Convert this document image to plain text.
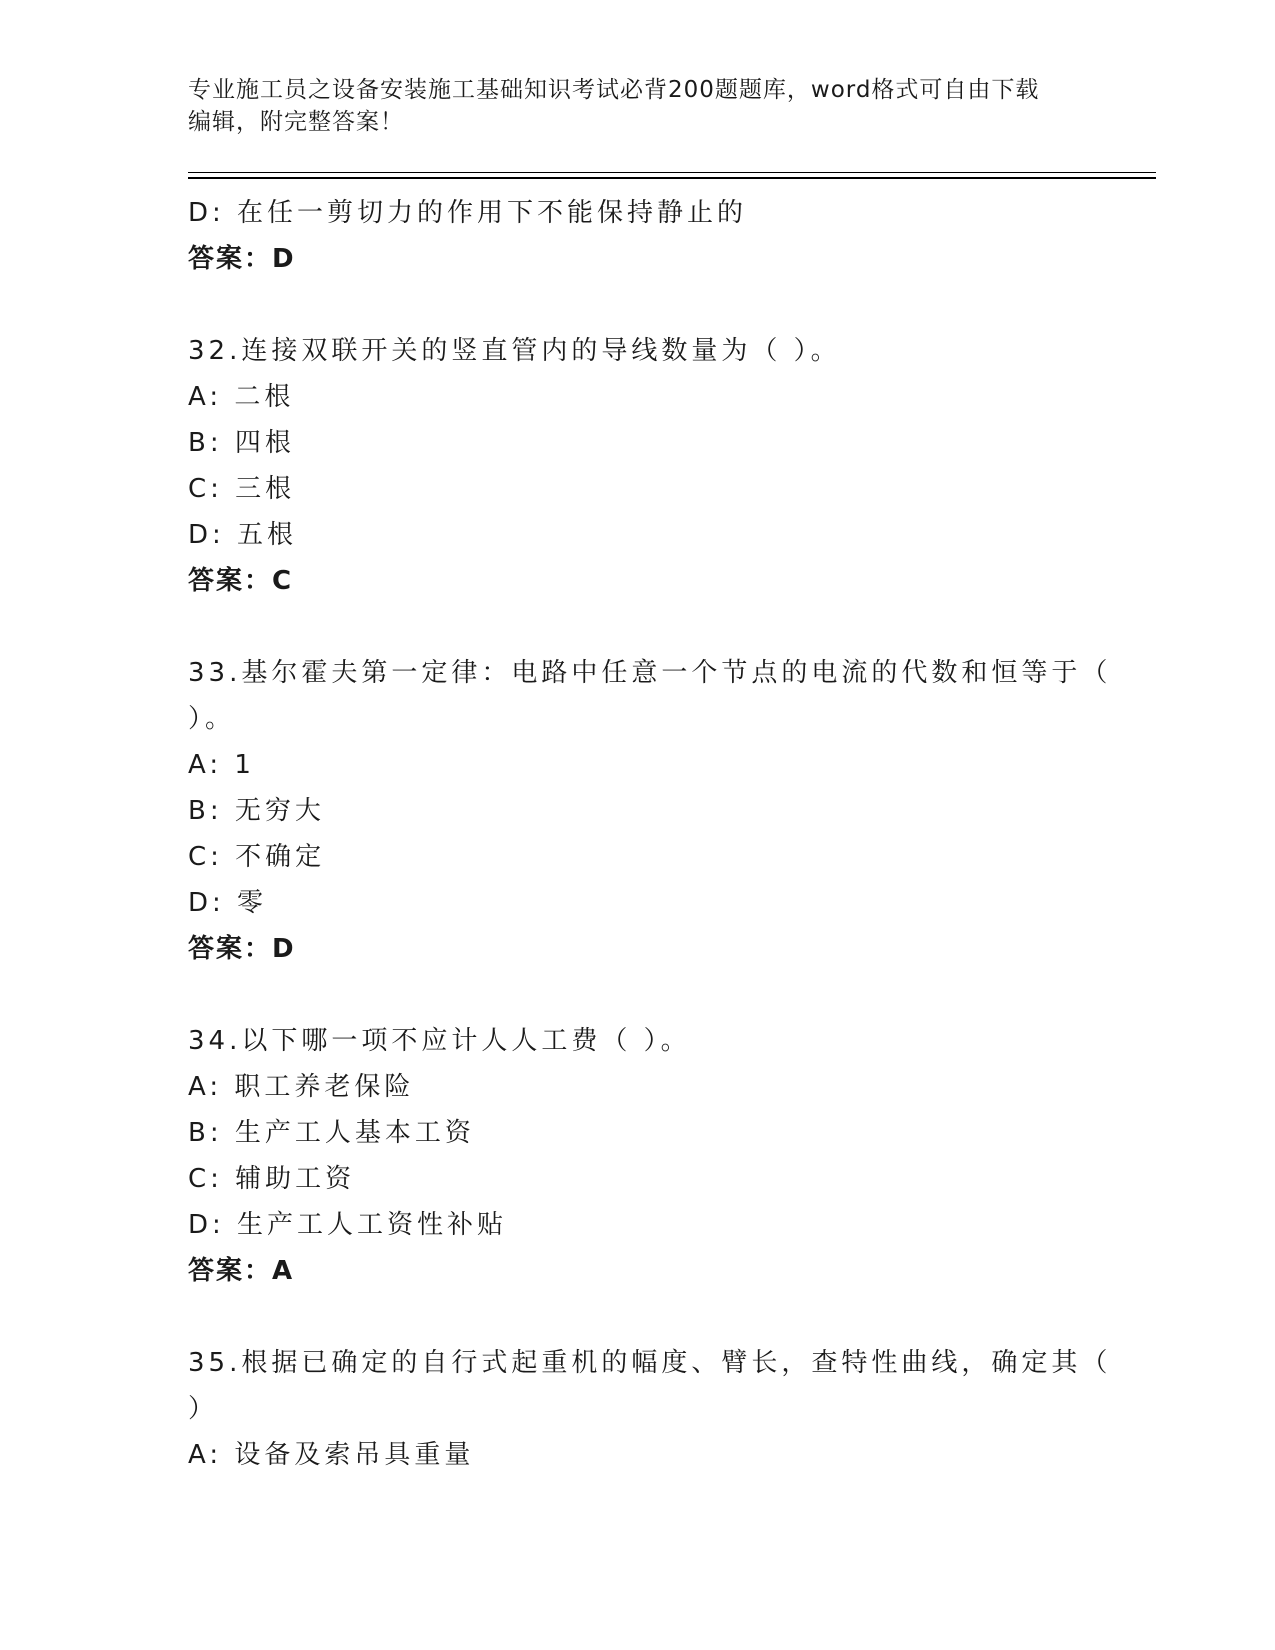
专业施工员之设备安装施工基础知识考试必背200题题库，word格式可自由下载
编辑，附完整答案！
D: 在任一剪切力的作用下不能保持静止的
答案：D
32.连接双联开关的竖直管内的导线数量为（ ）。
A: 二根
B: 四根
C: 三根
D: 五根
答案：C
33.基尔霍夫第一定律：电路中任意一个节点的电流的代数和恒等于（
）。
A: 1
B: 无穷大
C: 不确定
D: 零
答案：D
34.以下哪一项不应计人人工费（ ）。
A: 职工养老保险
B: 生产工人基本工资
C: 辅助工资
D: 生产工人工资性补贴
答案：A
35.根据已确定的自行式起重机的幅度、臂长，查特性曲线，确定其（
）
A: 设备及索吊具重量
